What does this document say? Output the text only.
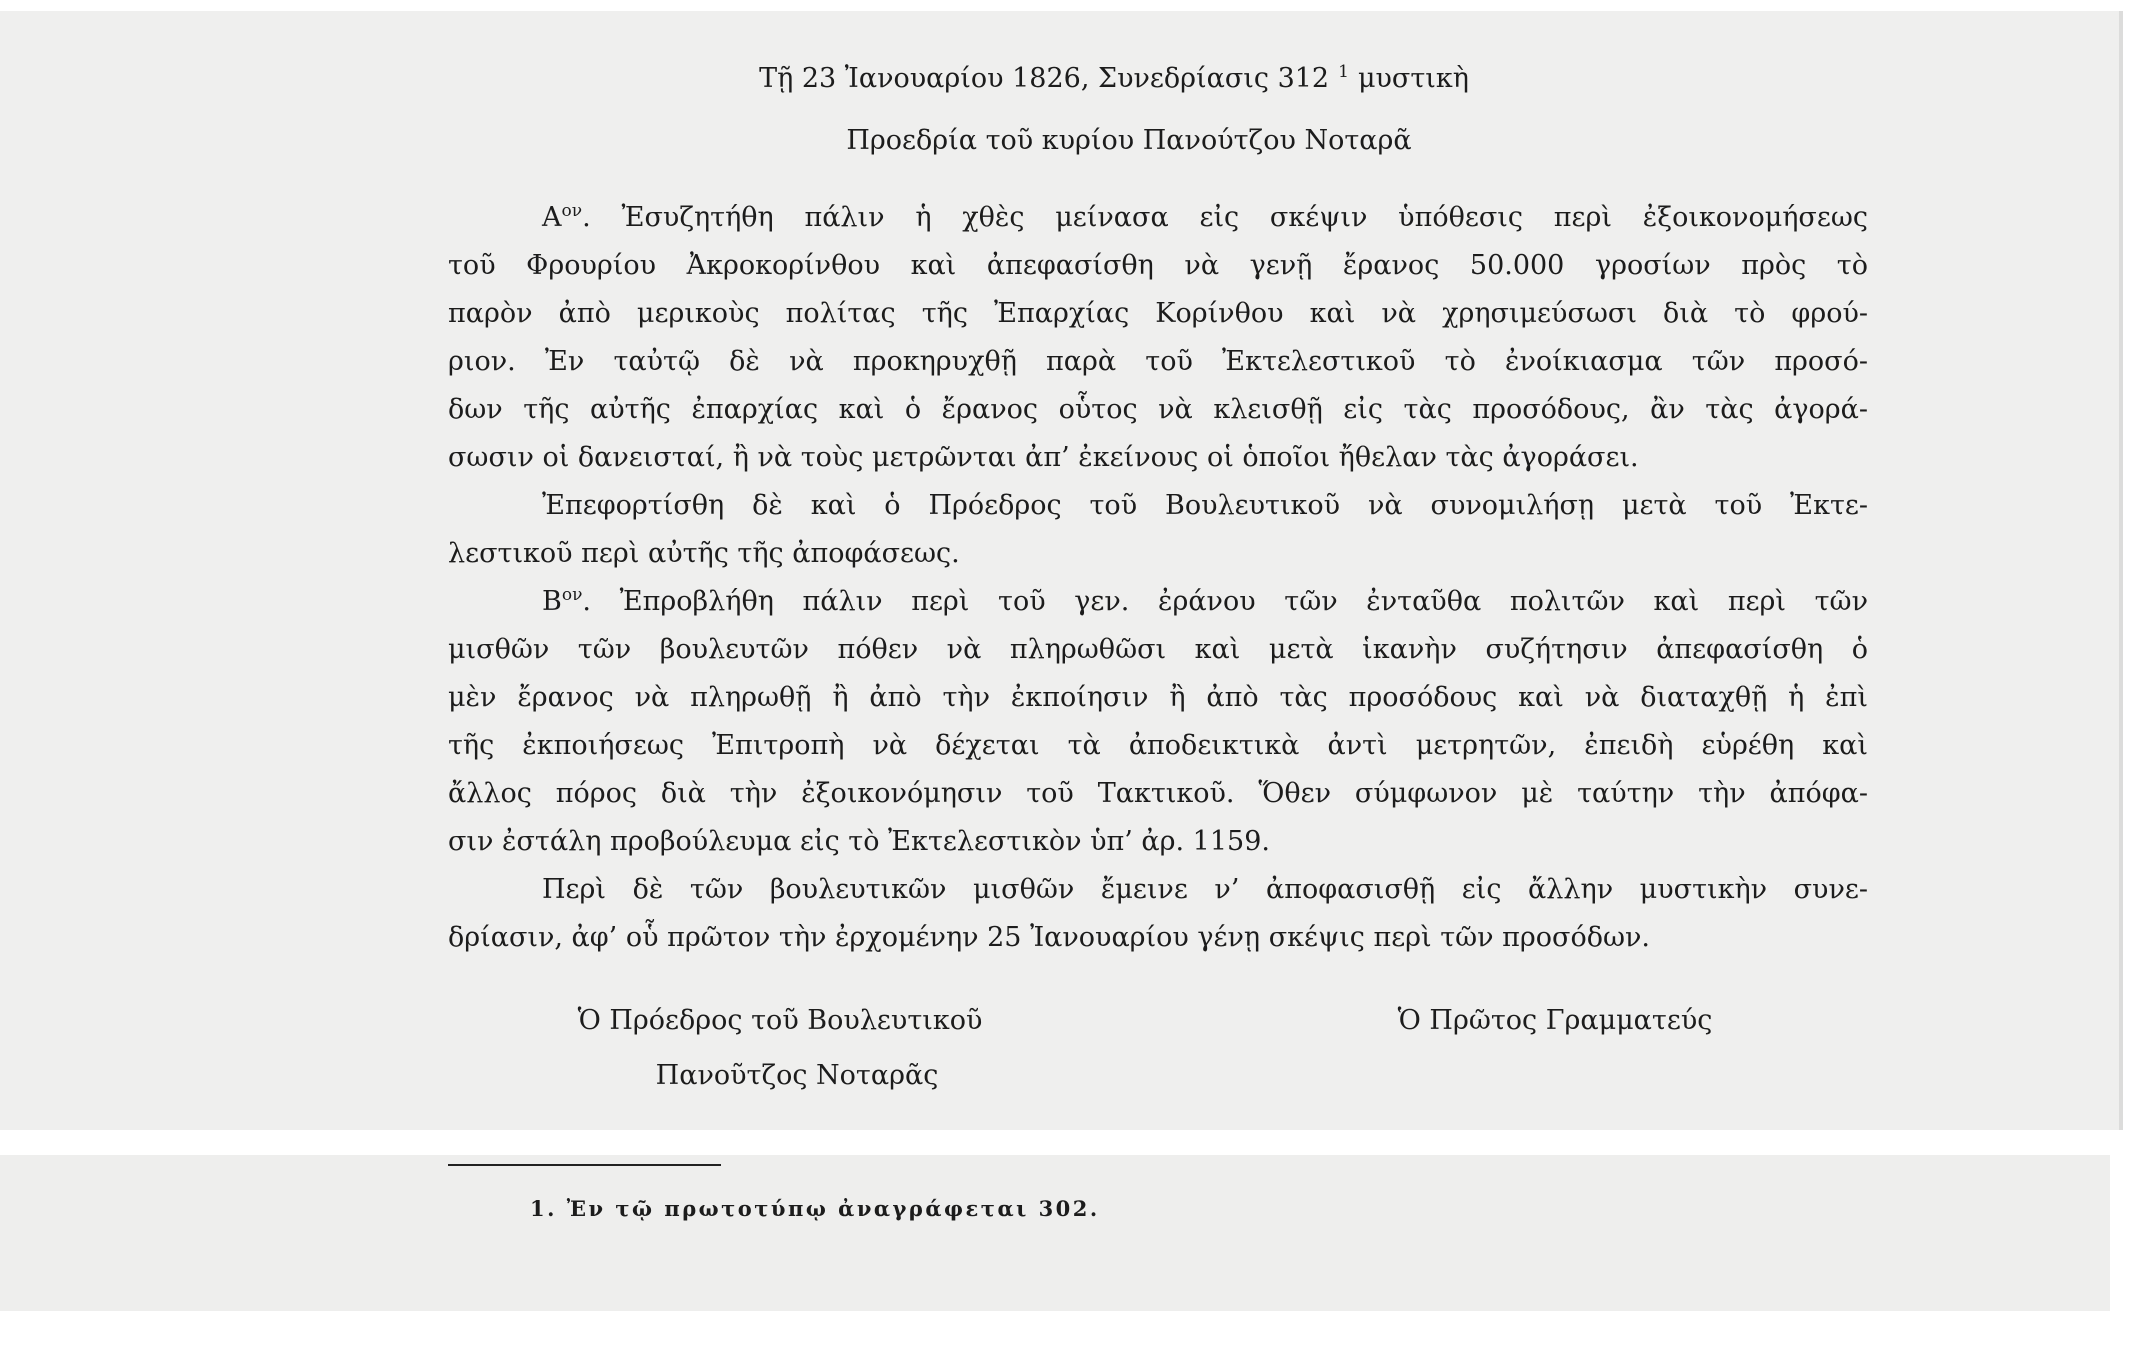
Τῇ 23 Ἰανουαρίου 1826, Συνεδρίασις 312 $^1$ μυστικὴ
Προεδρία τοῦ κυρίου Πανούτζου Νοταρᾶ
$A^{o\nu}$. Ἐσυζητήθη πάλιν ἡ χθὲς μείνασα εἰς σκέψιν ὑπόθεσις περὶ ἐξοικονομήσεως
τοῦ Φρουρίου Ἀκροκορίνθου καὶ ἀπεφασίσθη νὰ γενῇ ἔρανος 50.000 γροσίων πρὸς τὸ
παρὸν ἀπὸ μερικοὺς πολίτας τῆς Ἐπαρχίας Κορίνθου καὶ νὰ χρησιμεύσωσι διὰ τὸ φρού-
ριον. Ἐν ταὐτῷ δὲ νὰ προκηρυχθῇ παρὰ τοῦ Ἐκτελεστικοῦ τὸ ἐνοίκιασμα τῶν προσό-
δων τῆς αὐτῆς ἐπαρχίας καὶ ὁ ἔρανος οὗτος νὰ κλεισθῇ εἰς τὰς προσόδους, ἂν τὰς ἀγορά-
σωσιν οἱ δανεισταί, ἢ νὰ τοὺς μετρῶνται ἀπ’ ἐκείνους οἱ ὁποῖοι ἤθελαν τὰς ἀγοράσει.
Ἐπεφορτίσθη δὲ καὶ ὁ Πρόεδρος τοῦ Βουλευτικοῦ νὰ συνομιλήσῃ μετὰ τοῦ Ἐκτε-
λεστικοῦ περὶ αὐτῆς τῆς ἀποφάσεως.
$B^{o\nu}$. Ἐπροβλήθη πάλιν περὶ τοῦ γεν. ἐράνου τῶν ἐνταῦθα πολιτῶν καὶ περὶ τῶν
μισθῶν τῶν βουλευτῶν πόθεν νὰ πληρωθῶσι καὶ μετὰ ἱκανὴν συζήτησιν ἀπεφασίσθη ὁ
μὲν ἔρανος νὰ πληρωθῇ ἢ ἀπὸ τὴν ἐκποίησιν ἢ ἀπὸ τὰς προσόδους καὶ νὰ διαταχθῇ ἡ ἐπὶ
τῆς ἐκποιήσεως Ἐπιτροπὴ νὰ δέχεται τὰ ἀποδεικτικὰ ἀντὶ μετρητῶν, ἐπειδὴ εὑρέθη καὶ
ἄλλος πόρος διὰ τὴν ἐξοικονόμησιν τοῦ Τακτικοῦ. Ὅθεν σύμφωνον μὲ ταύτην τὴν ἀπόφα-
σιν ἐστάλη προβούλευμα εἰς τὸ Ἐκτελεστικὸν ὑπ’ ἀρ. 1159.
Περὶ δὲ τῶν βουλευτικῶν μισθῶν ἔμεινε ν’ ἀποφασισθῇ εἰς ἄλλην μυστικὴν συνε-
δρίασιν, ἀφ’ οὗ πρῶτον τὴν ἐρχομένην 25 Ἰανουαρίου γένῃ σκέψις περὶ τῶν προσόδων.
Ὁ Πρόεδρος τοῦ Βουλευτικοῦ
Πανοῦτζος Νοταρᾶς
Ὁ Πρῶτος Γραμματεύς
1. Ἐν τῷ πρωτοτύπῳ ἀναγράφεται 302.
